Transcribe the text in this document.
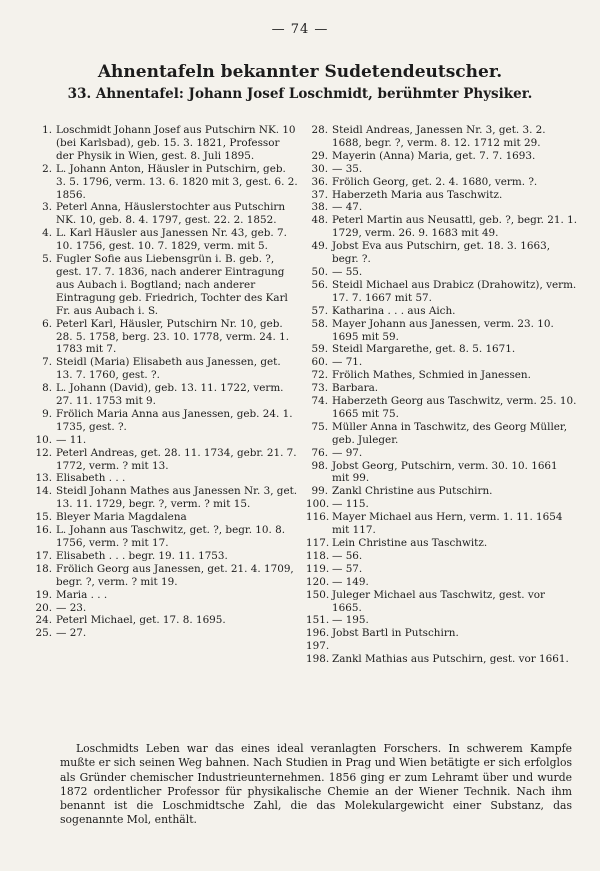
— 74 —
Ahnentafeln bekannter Sudetendeutscher.
33. Ahnentafel: Johann Josef Loschmidt, berühmter Physiker.
1. Loschmidt Johann Josef aus Putschirn NK. 10 (bei Karlsbad), geb. 15. 3. 1821, Professor der Physik in Wien, gest. 8. Juli 1895.
2. L. Johann Anton, Häusler in Putschirn, geb. 3. 5. 1796, verm. 13. 6. 1820 mit 3, gest. 6. 2. 1856.
3. Peterl Anna, Häuslerstochter aus Putschirn NK. 10, geb. 8. 4. 1797, gest. 22. 2. 1852.
4. L. Karl Häusler aus Janessen Nr. 43, geb. 7. 10. 1756, gest. 10. 7. 1829, verm. mit 5.
5. Fugler Sofie aus Liebensgrün i. B. geb. ?, gest. 17. 7. 1836, nach anderer Eintragung aus Aubach i. Bogtland; nach anderer Eintragung geb. Friedrich, Tochter des Karl Fr. aus Aubach i. S.
6. Peterl Karl, Häusler, Putschirn Nr. 10, geb. 28. 5. 1758, berg. 23. 10. 1778, verm. 24. 1. 1783 mit 7.
7. Steidl (Maria) Elisabeth aus Janessen, get. 13. 7. 1760, gest. ?.
8. L. Johann (David), geb. 13. 11. 1722, verm. 27. 11. 1753 mit 9.
9. Frölich Maria Anna aus Janessen, geb. 24. 1. 1735, gest. ?.
10. — 11.
12. Peterl Andreas, get. 28. 11. 1734, gebr. 21. 7. 1772, verm. ? mit 13.
13. Elisabeth . . .
14. Steidl Johann Mathes aus Janessen Nr. 3, get. 13. 11. 1729, begr. ?, verm. ? mit 15.
15. Bleyer Maria Magdalena
16. L. Johann aus Taschwitz, get. ?, begr. 10. 8. 1756, verm. ? mit 17.
17. Elisabeth . . . begr. 19. 11. 1753.
18. Frölich Georg aus Janessen, get. 21. 4. 1709, begr. ?, verm. ? mit 19.
19. Maria . . .
20. — 23.
24. Peterl Michael, get. 17. 8. 1695.
25. — 27.
28. Steidl Andreas, Janessen Nr. 3, get. 3. 2. 1688, begr. ?, verm. 8. 12. 1712 mit 29.
29. Mayerin (Anna) Maria, get. 7. 7. 1693.
30. — 35.
36. Frölich Georg, get. 2. 4. 1680, verm. ?.
37. Haberzeth Maria aus Taschwitz.
38. — 47.
48. Peterl Martin aus Neusattl, geb. ?, begr. 21. 1. 1729, verm. 26. 9. 1683 mit 49.
49. Jobst Eva aus Putschirn, get. 18. 3. 1663, begr. ?.
50. — 55.
56. Steidl Michael aus Drabicz (Drahowitz), verm. 17. 7. 1667 mit 57.
57. Katharina . . . aus Aich.
58. Mayer Johann aus Janessen, verm. 23. 10. 1695 mit 59.
59. Steidl Margarethe, get. 8. 5. 1671.
60. — 71.
72. Frölich Mathes, Schmied in Janessen.
73. Barbara.
74. Haberzeth Georg aus Taschwitz, verm. 25. 10. 1665 mit 75.
75. Müller Anna in Taschwitz, des Georg Müller, geb. Juleger.
76. — 97.
98. Jobst Georg, Putschirn, verm. 30. 10. 1661 mit 99.
99. Zankl Christine aus Putschirn.
100. — 115.
116. Mayer Michael aus Hern, verm. 1. 11. 1654 mit 117.
117. Lein Christine aus Taschwitz.
118. — 56.
119. — 57.
120. — 149.
150. Juleger Michael aus Taschwitz, gest. vor 1665.
151. — 195.
196. Jobst Bartl in Putschirn.
197.
198. Zankl Mathias aus Putschirn, gest. vor 1661.
Loschmidts Leben war das eines ideal veranlagten Forschers. In schwerem Kampfe mußte er sich seinen Weg bahnen. Nach Studien in Prag und Wien betätigte er sich erfolglos als Gründer chemischer Industrieunternehmen. 1856 ging er zum Lehramt über und wurde 1872 ordentlicher Professor für physikalische Chemie an der Wiener Technik. Nach ihm benannt ist die Loschmidtsche Zahl, die das Molekulargewicht einer Substanz, das sogenannte Mol, enthält.
